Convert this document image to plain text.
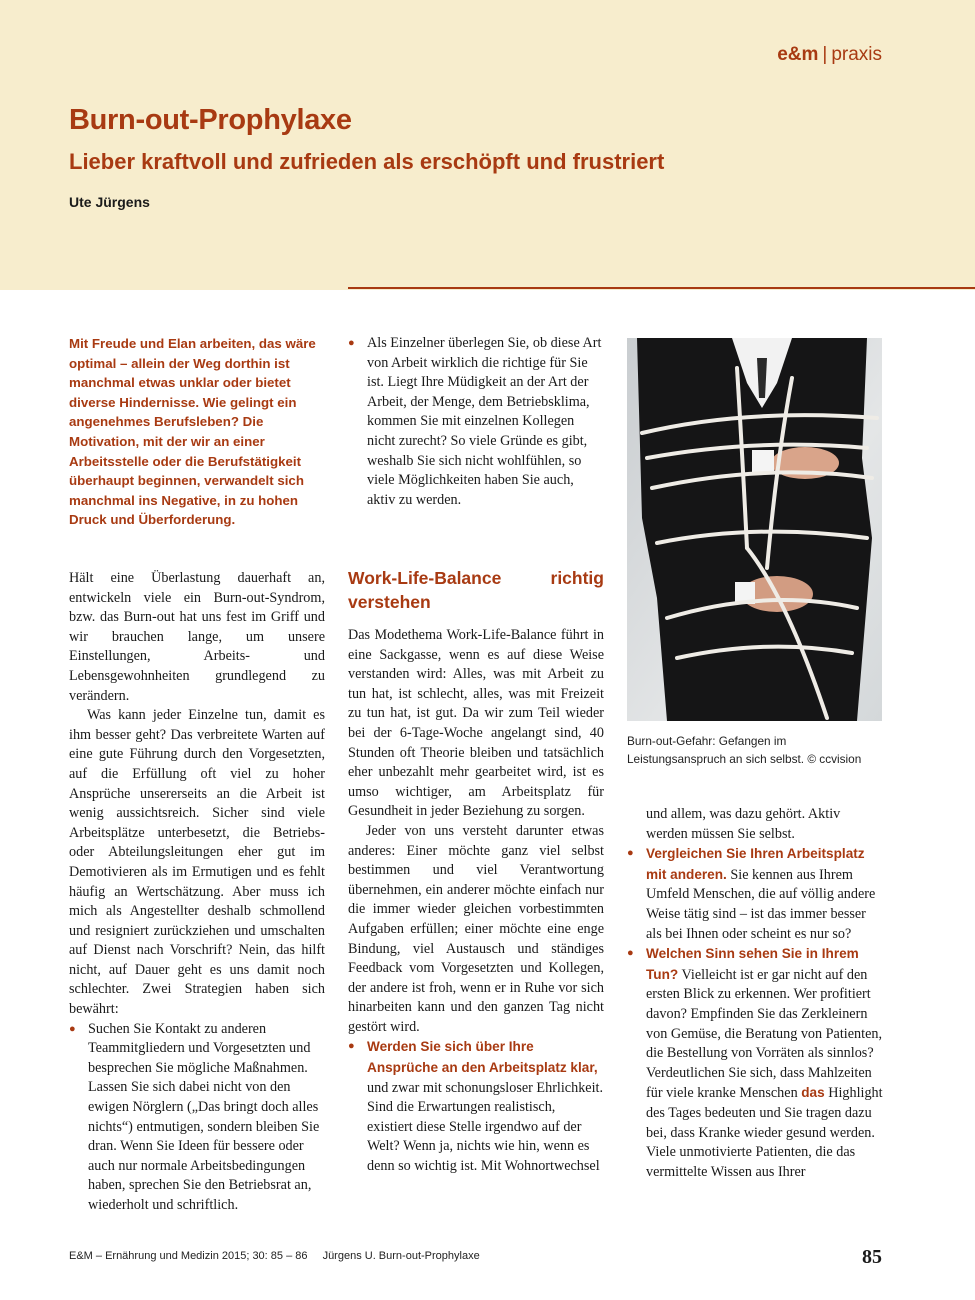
e&m | praxis
Burn-out-Prophylaxe
Lieber kraftvoll und zufrieden als erschöpft und frustriert
Ute Jürgens
Mit Freude und Elan arbeiten, das wäre optimal – allein der Weg dorthin ist manchmal etwas unklar oder bietet diverse Hindernisse. Wie gelingt ein angenehmes Berufsleben? Die Motivation, mit der wir an einer Arbeitsstelle oder die Berufstätigkeit überhaupt beginnen, verwandelt sich manchmal ins Negative, in zu hohen Druck und Überforderung.

Hält eine Überlastung dauerhaft an, entwickeln viele ein Burn-out-Syndrom, bzw. das Burn-out hat uns fest im Griff und wir brauchen lange, um unsere Einstellungen, Arbeits- und Lebensgewohnheiten grundlegend zu verändern.

Was kann jeder Einzelne tun, damit es ihm besser geht? Das verbreitete Warten auf eine gute Führung durch den Vorgesetzten, auf die Erfüllung oft viel zu hoher Ansprüche unsererseits an die Arbeit ist wenig aussichtsreich. Sicher sind viele Arbeitsplätze unterbesetzt, die Betriebs- oder Abteilungsleitungen eher gut im Demotivieren als im Ermutigen und es fehlt häufig an Wertschätzung. Aber muss ich mich als Angestellter deshalb schmollend und resigniert zurückziehen und umschalten auf Dienst nach Vorschrift? Nein, das hilft nicht, auf Dauer geht es uns damit noch schlechter. Zwei Strategien haben sich bewährt:

● Suchen Sie Kontakt zu anderen Teammitgliedern und Vorgesetzten und besprechen Sie mögliche Maßnahmen. Lassen Sie sich dabei nicht von den ewigen Nörglern („Das bringt doch alles nichts“) entmutigen, sondern bleiben Sie dran. Wenn Sie Ideen für bessere oder auch nur normale Arbeitsbedingungen haben, sprechen Sie den Betriebsrat an, wiederholt und schriftlich.
● Als Einzelner überlegen Sie, ob diese Art von Arbeit wirklich die richtige für Sie ist. Liegt Ihre Müdigkeit an der Art der Arbeit, der Menge, dem Betriebsklima, kommen Sie mit einzelnen Kollegen nicht zurecht? So viele Gründe es gibt, weshalb Sie sich nicht wohlfühlen, so viele Möglichkeiten haben Sie auch, aktiv zu werden.
Work-Life-Balance richtig verstehen

Das Modethema Work-Life-Balance führt in eine Sackgasse, wenn es auf diese Weise verstanden wird: Alles, was mit Arbeit zu tun hat, ist schlecht, alles, was mit Freizeit zu tun hat, ist gut. Da wir zum Teil wieder bei der 6-Tage-Woche angelangt sind, 40 Stunden oft Theorie bleiben und tatsächlich eher unbezahlt mehr gearbeitet wird, ist es umso wichtiger, am Arbeitsplatz für Gesundheit in jeder Beziehung zu sorgen.

Jeder von uns versteht darunter etwas anderes: Einer möchte ganz viel selbst bestimmen und viel Verantwortung übernehmen, ein anderer möchte einfach nur die immer wieder gleichen vorbestimmten Aufgaben erfüllen; einer möchte eine enge Bindung, viel Austausch und ständiges Feedback vom Vorgesetzten und Kollegen, der andere ist froh, wenn er in Ruhe vor sich hinarbeiten kann und den ganzen Tag nicht gestört wird.

● Werden Sie sich über Ihre Ansprüche an den Arbeitsplatz klar, und zwar mit schonungsloser Ehrlichkeit. Sind die Erwartungen realistisch, existiert diese Stelle irgendwo auf der Welt? Wenn ja, nichts wie hin, wenn es denn so wichtig ist. Mit Wohnortwechsel
Burn-out-Gefahr: Gefangen im Leistungsanspruch an sich selbst. © ccvision

und allem, was dazu gehört. Aktiv werden müssen Sie selbst.

● Vergleichen Sie Ihren Arbeitsplatz mit anderen. Sie kennen aus Ihrem Umfeld Menschen, die auf völlig andere Weise tätig sind – ist das immer besser als bei Ihnen oder scheint es nur so?
● Welchen Sinn sehen Sie in Ihrem Tun? Vielleicht ist er gar nicht auf den ersten Blick zu erkennen. Wer profitiert davon? Empfinden Sie das Zerkleinern von Gemüse, die Beratung von Patienten, die Bestellung von Vorräten als sinnlos? Verdeutlichen Sie sich, dass Mahlzeiten für viele kranke Menschen das Highlight des Tages bedeuten und Sie tragen dazu bei, dass Kranke wieder gesund werden. Viele unmotivierte Patienten, die das vermittelte Wissen aus Ihrer
E&M – Ernährung und Medizin 2015; 30: 85 – 86 Jürgens U. Burn-out-Prophylaxe	85
